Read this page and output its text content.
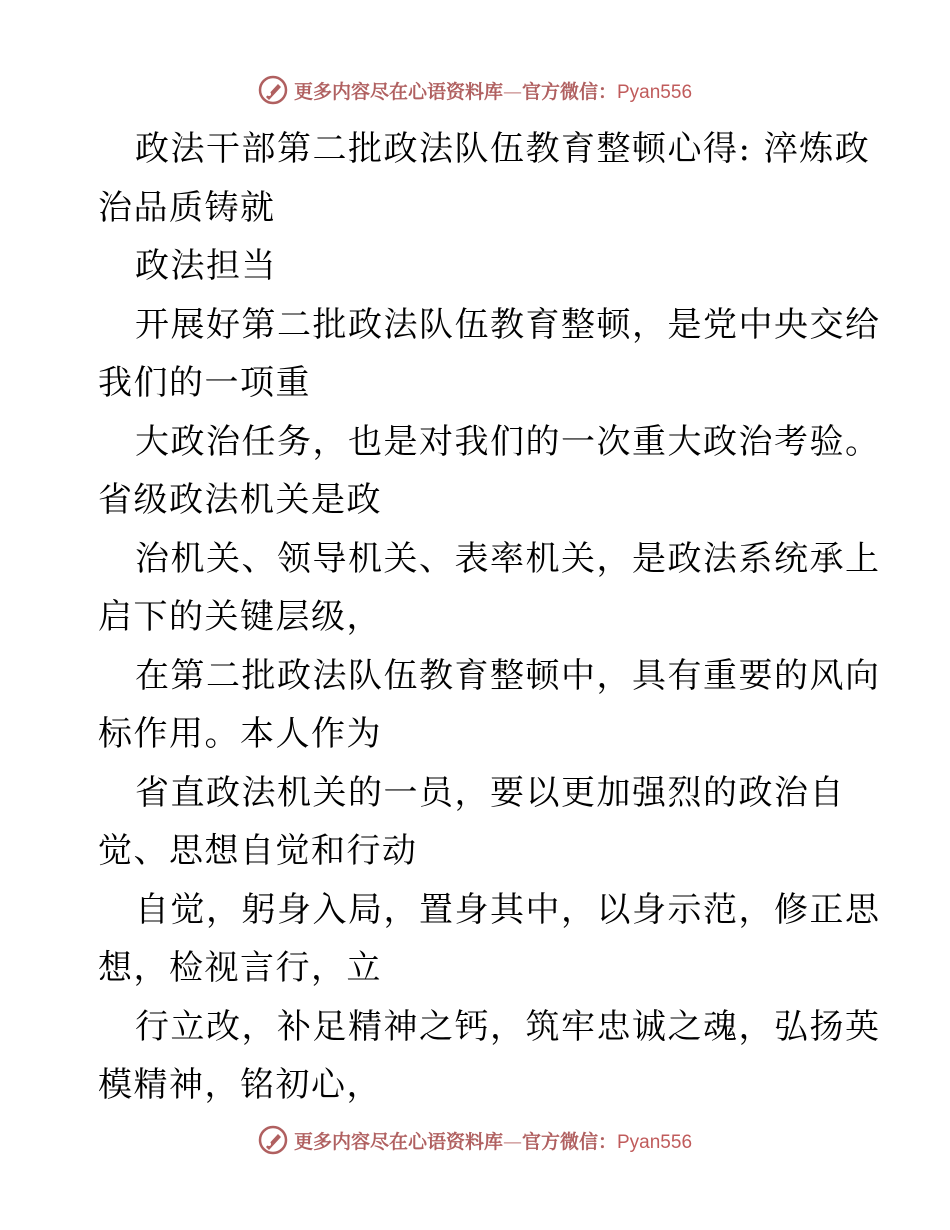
更多内容尽在心语资料库—官方微信：Pyan556
政法干部第二批政法队伍教育整顿心得: 淬炼政
治品质铸就
政法担当
开展好第二批政法队伍教育整顿，是党中央交给
我们的一项重
大政治任务，也是对我们的一次重大政治考验。
省级政法机关是政
治机关、领导机关、表率机关，是政法系统承上
启下的关键层级，
在第二批政法队伍教育整顿中，具有重要的风向
标作用。本人作为
省直政法机关的一员，要以更加强烈的政治自
觉、思想自觉和行动
自觉，躬身入局，置身其中，以身示范，修正思
想，检视言行，立
行立改，补足精神之钙，筑牢忠诚之魂，弘扬英
模精神，铭初心，
更多内容尽在心语资料库—官方微信：Pyan556
